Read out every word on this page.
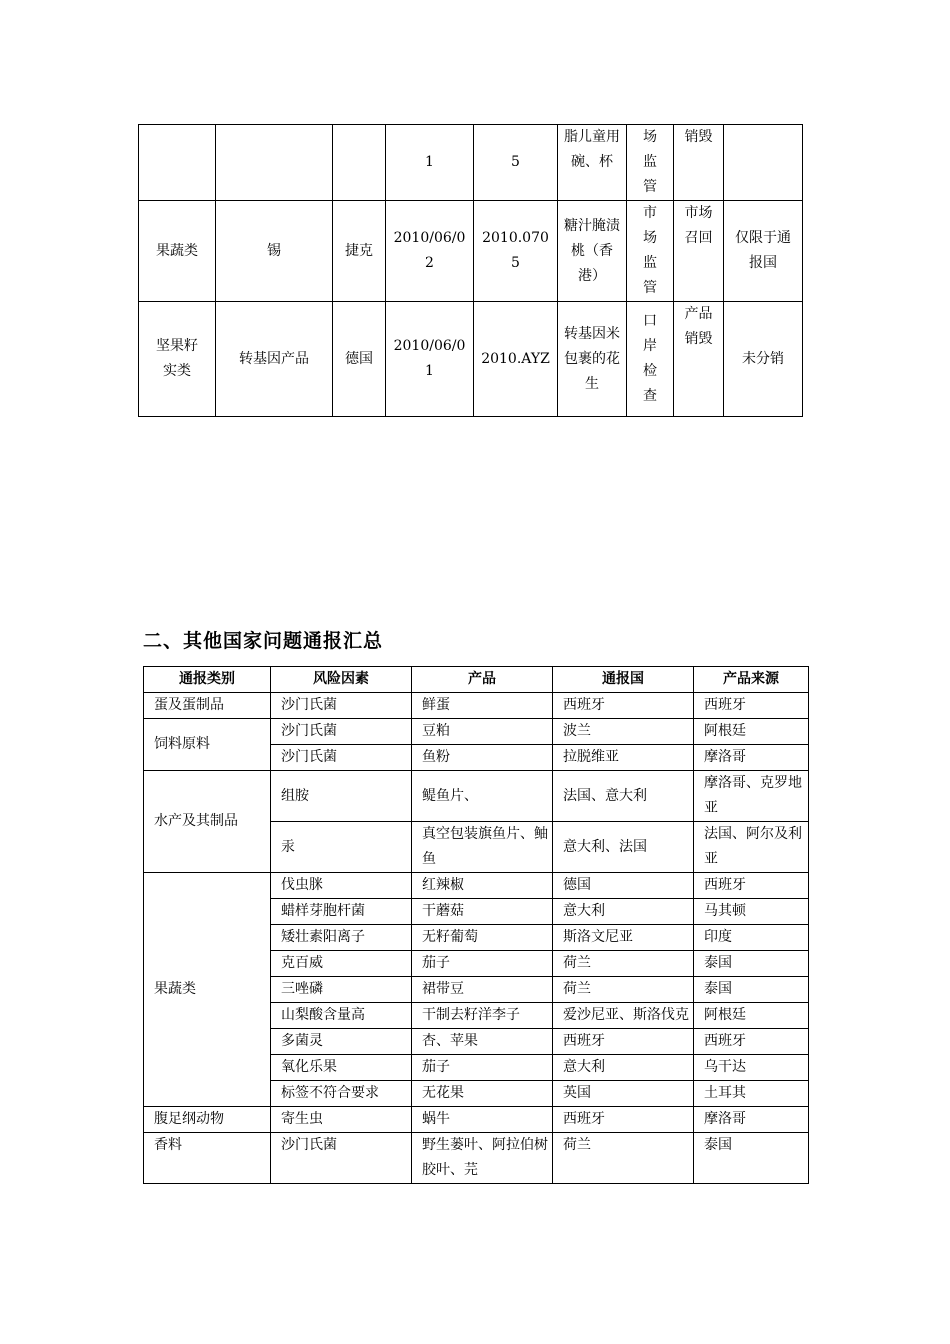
			1	5	脂儿童用碗、杯	场监管	销毁	

果蔬类	锡	捷克	2010/06/02	2010.0705	糖汁腌渍桃（香港）	市场监管	市场召回	仅限于通报国

坚果籽实类	转基因产品	德国	2010/06/01	2010.AYZ	转基因米包裹的花生	口岸检查	产品销毁	未分销
二、其他国家问题通报汇总
通报类别	风险因素	产品	通报国	产品来源
蛋及蛋制品	沙门氏菌	鲜蛋	西班牙	西班牙
饲料原料	沙门氏菌	豆粕	波兰	阿根廷
	沙门氏菌	鱼粉	拉脱维亚	摩洛哥
水产及其制品	组胺	鳀鱼片、	法国、意大利	摩洛哥、克罗地亚
	汞	真空包装旗鱼片、鲉鱼	意大利、法国	法国、阿尔及利亚
果蔬类	伐虫脒	红辣椒	德国	西班牙
	蜡样芽胞杆菌	干蘑菇	意大利	马其顿
	矮壮素阳离子	无籽葡萄	斯洛文尼亚	印度
	克百威	茄子	荷兰	泰国
	三唑磷	裙带豆	荷兰	泰国
	山梨酸含量高	干制去籽洋李子	爱沙尼亚、斯洛伐克	阿根廷
	多菌灵	杏、苹果	西班牙	西班牙
	氧化乐果	茄子	意大利	乌干达
	标签不符合要求	无花果	英国	土耳其
腹足纲动物	寄生虫	蜗牛	西班牙	摩洛哥
香料	沙门氏菌	野生蒌叶、阿拉伯树胶叶、芫	荷兰	泰国
